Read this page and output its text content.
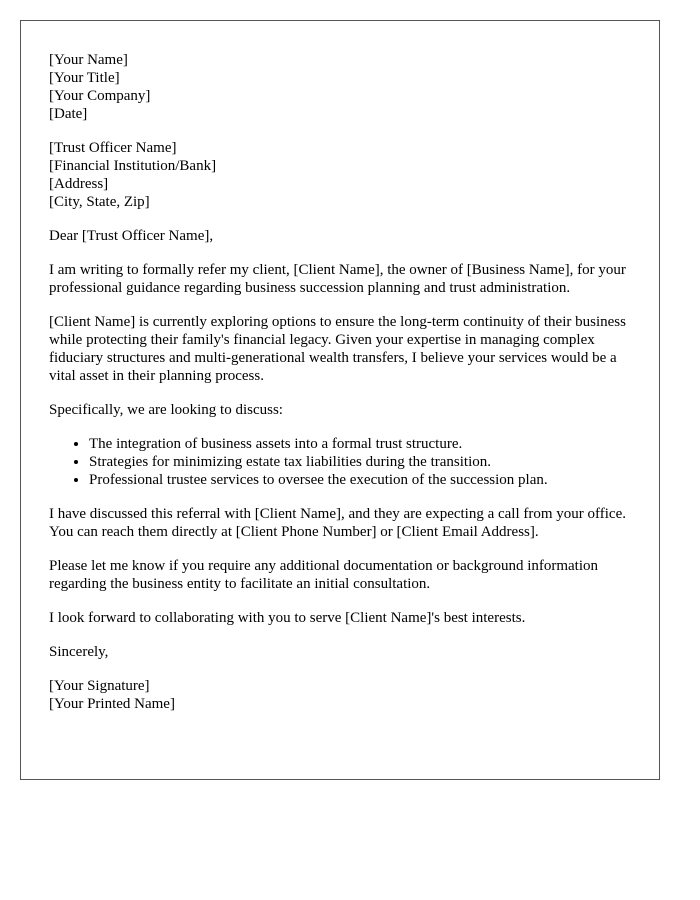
[Your Name]
[Your Title]
[Your Company]
[Date]
[Trust Officer Name]
[Financial Institution/Bank]
[Address]
[City, State, Zip]

Dear [Trust Officer Name],

I am writing to formally refer my client, [Client Name], the owner of [Business Name], for your professional guidance regarding business succession planning and trust administration.

[Client Name] is currently exploring options to ensure the long-term continuity of their business while protecting their family's financial legacy. Given your expertise in managing complex fiduciary structures and multi-generational wealth transfers, I believe your services would be a vital asset in their planning process.

Specifically, we are looking to discuss:

• The integration of business assets into a formal trust structure.
• Strategies for minimizing estate tax liabilities during the transition.
• Professional trustee services to oversee the execution of the succession plan.

I have discussed this referral with [Client Name], and they are expecting a call from your office. You can reach them directly at [Client Phone Number] or [Client Email Address].

Please let me know if you require any additional documentation or background information regarding the business entity to facilitate an initial consultation.

I look forward to collaborating with you to serve [Client Name]'s best interests.

Sincerely,

[Your Signature]
[Your Printed Name]
